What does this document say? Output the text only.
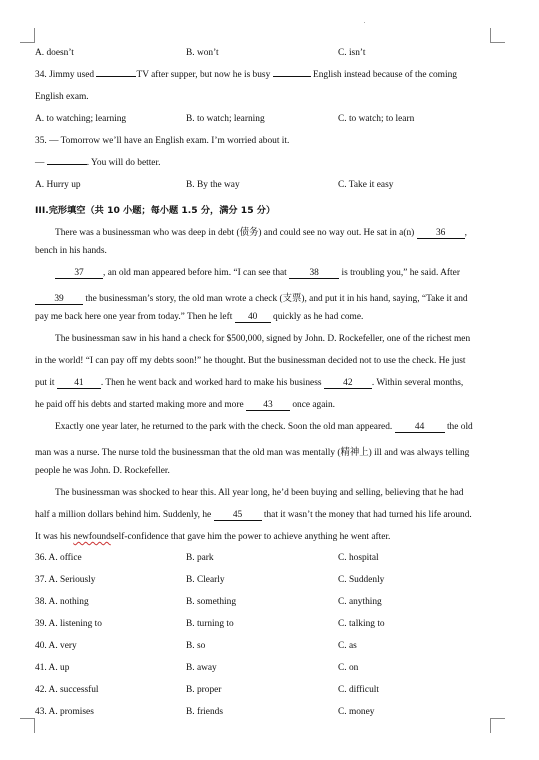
A. doesn’t	B. won’t	C. isn’t
34. Jimmy used	TV after supper, but now he is busy	English instead because of the coming
English exam.
A. to watching; learning	B. to watch; learning	C. to watch; to learn
35. — Tomorrow we’ll have an English exam. I’m worried about it.
—	. You will do better.
A. Hurry up	B. By the way	C. Take it easy
III.完形填空（共 10 小题；每小题 1.5 分，满分 15 分）
There was a businessman who was deep in debt (债务) and could see no way out. He sat in a(n) 36 ,
bench in his hands.
37 , an old man appeared before him. “I can see that 38 is troubling you,” he said. After
39 the businessman’s story, the old man wrote a check (支票), and put it in his hand, saying, “Take it and
pay me back here one year from today.” Then he left 40 quickly as he had come.
The businessman saw in his hand a check for $500,000, signed by John. D. Rockefeller, one of the richest men
in the world! “I can pay off my debts soon!” he thought. But the businessman decided not to use the check. He just
put it 41 . Then he went back and worked hard to make his business 42 . Within several months,
he paid off his debts and started making more and more 43 once again.
Exactly one year later, he returned to the park with the check. Soon the old man appeared. 44 the old
man was a nurse. The nurse told the businessman that the old man was mentally (精神上) ill and was always telling
people he was John. D. Rockefeller.
The businessman was shocked to hear this. All year long, he’d been buying and selling, believing that he had
half a million dollars behind him. Suddenly, he 45 that it wasn’t the money that had turned his life around.
It was his newfoundself-confidence that gave him the power to achieve anything he went after.
36. A. office	B. park	C. hospital
37. A. Seriously	B. Clearly	C. Suddenly
38. A. nothing	B. something	C. anything
39. A. listening to	B. turning to	C. talking to
40. A. very	B. so	C. as
41. A. up	B. away	C. on
42. A. successful	B. proper	C. difficult
43. A. promises	B. friends	C. money
